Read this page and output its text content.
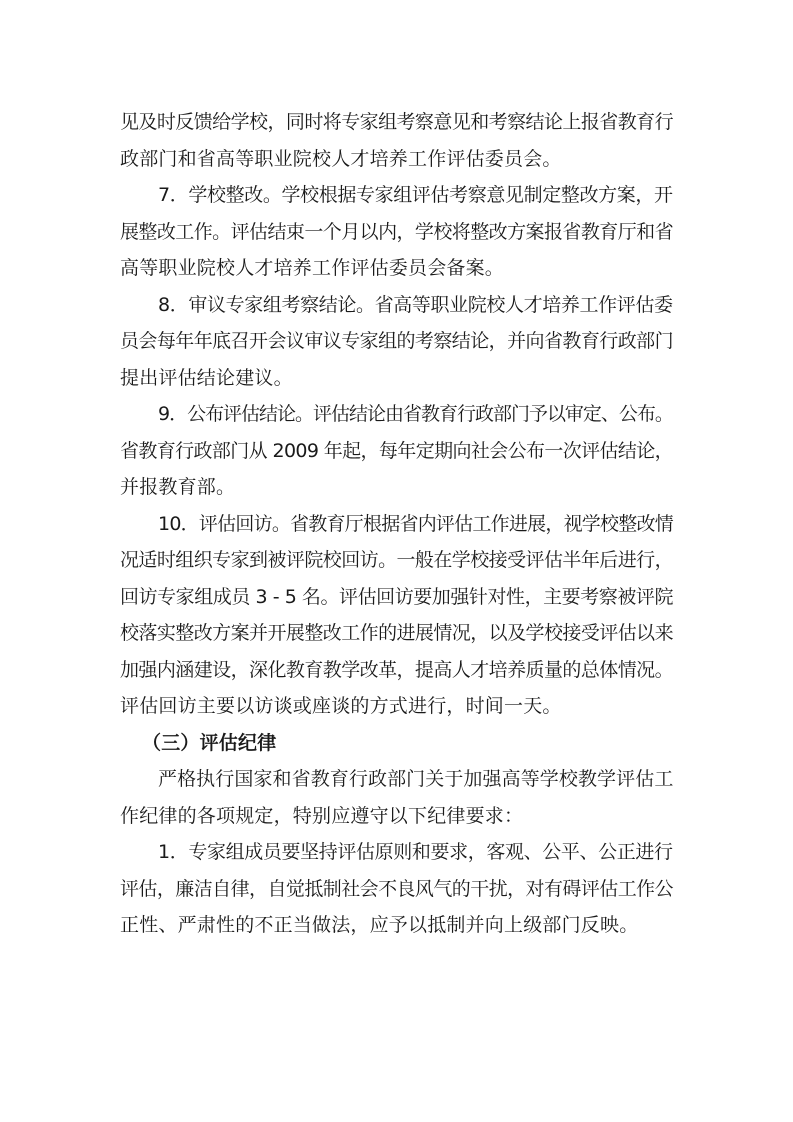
见及时反馈给学校，同时将专家组考察意见和考察结论上报省教育行
政部门和省高等职业院校人才培养工作评估委员会。
7．学校整改。学校根据专家组评估考察意见制定整改方案，开
展整改工作。评估结束一个月以内，学校将整改方案报省教育厅和省
高等职业院校人才培养工作评估委员会备案。
8．审议专家组考察结论。省高等职业院校人才培养工作评估委
员会每年年底召开会议审议专家组的考察结论，并向省教育行政部门
提出评估结论建议。
9．公布评估结论。评估结论由省教育行政部门予以审定、公布。
省教育行政部门从 2009 年起，每年定期向社会公布一次评估结论，
并报教育部。
10．评估回访。省教育厅根据省内评估工作进展，视学校整改情
况适时组织专家到被评院校回访。一般在学校接受评估半年后进行，
回访专家组成员 3 - 5 名。评估回访要加强针对性，主要考察被评院
校落实整改方案并开展整改工作的进展情况，以及学校接受评估以来
加强内涵建设，深化教育教学改革，提高人才培养质量的总体情况。
评估回访主要以访谈或座谈的方式进行，时间一天。
（三）评估纪律
严格执行国家和省教育行政部门关于加强高等学校教学评估工
作纪律的各项规定，特别应遵守以下纪律要求：
1．专家组成员要坚持评估原则和要求，客观、公平、公正进行
评估，廉洁自律，自觉抵制社会不良风气的干扰，对有碍评估工作公
正性、严肃性的不正当做法，应予以抵制并向上级部门反映。
